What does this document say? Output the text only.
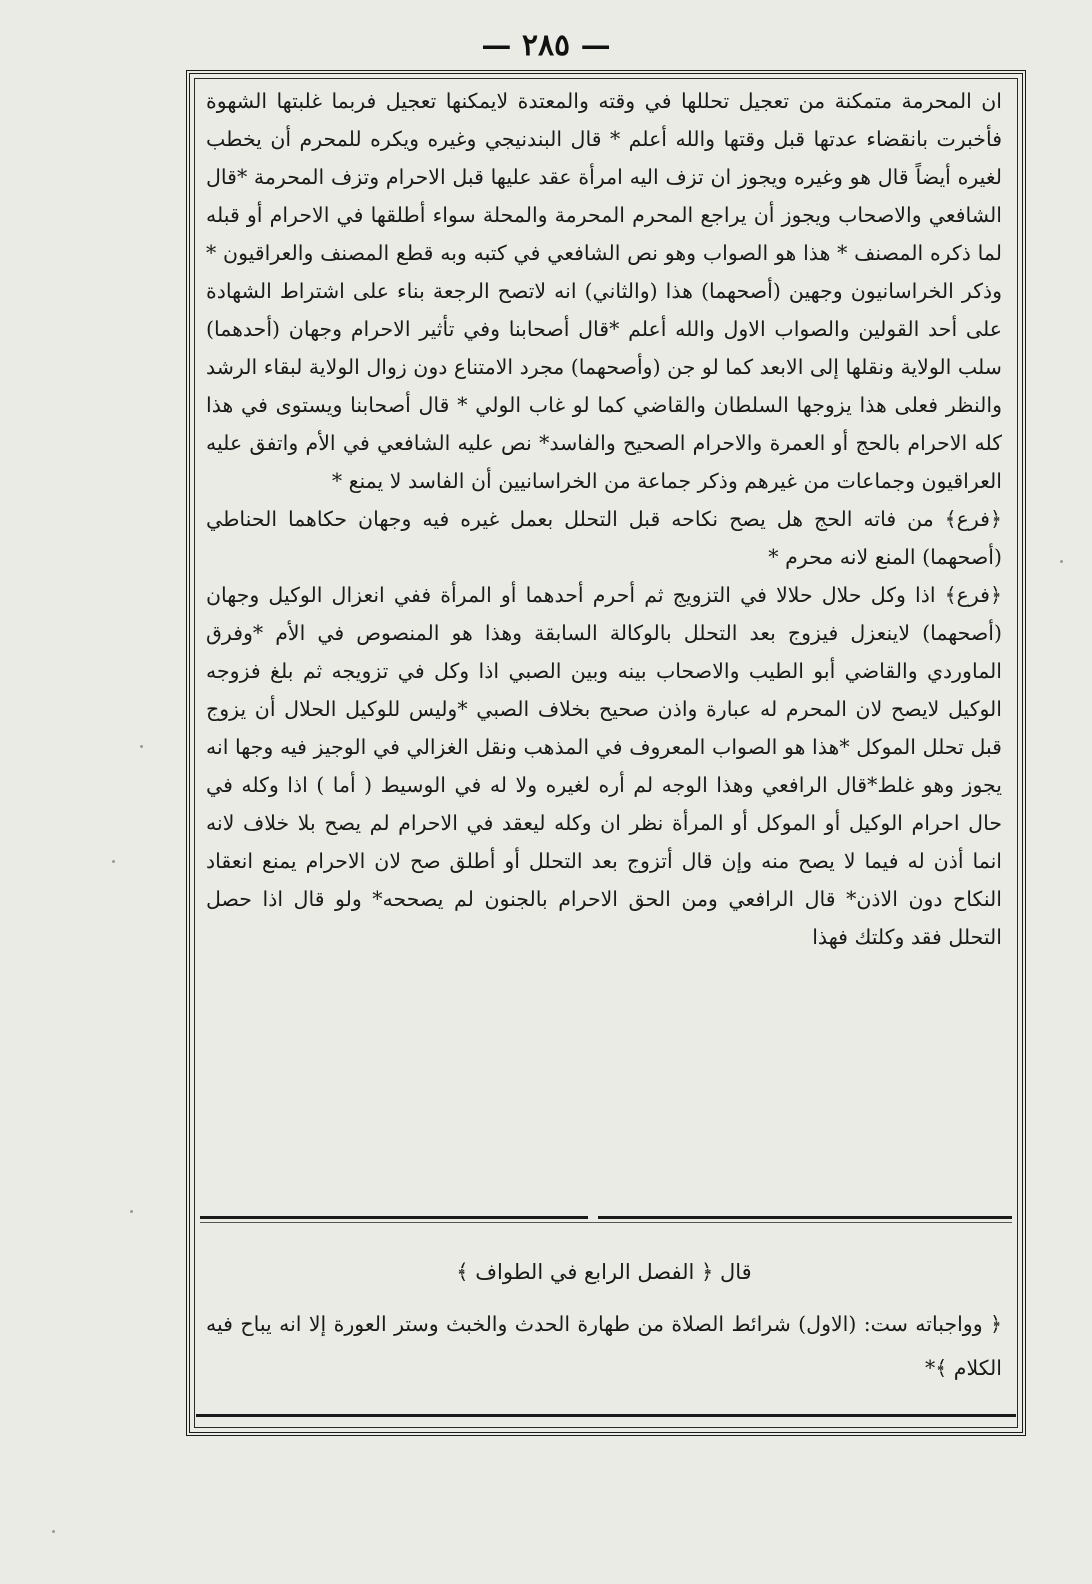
— ٢٨٥ —

ان المحرمة متمكنة من تعجيل تحللها في وقته والمعتدة لايمكنها تعجيل فربما غلبتها الشهوة فأخبرت بانقضاء عدتها قبل وقتها والله أعلم * قال البندنيجي وغيره ويكره للمحرم أن يخطب لغيره أيضاً قال هو وغيره ويجوز ان تزف اليه امرأة عقد عليها قبل الاحرام وتزف المحرمة *قال الشافعي والاصحاب ويجوز أن يراجع المحرم المحرمة والمحلة سواء أطلقها في الاحرام أو قبله لما ذكره المصنف * هذا هو الصواب وهو نص الشافعي في كتبه وبه قطع المصنف والعراقيون * وذكر الخراسانيون وجهين (أصحهما) هذا (والثاني) انه لاتصح الرجعة بناء على اشتراط الشهادة على أحد القولين والصواب الاول والله أعلم *قال أصحابنا وفي تأثير الاحرام وجهان (أحدهما) سلب الولاية ونقلها إلى الابعد كما لو جن (وأصحهما) مجرد الامتناع دون زوال الولاية لبقاء الرشد والنظر فعلى هذا يزوجها السلطان والقاضي كما لو غاب الولي * قال أصحابنا ويستوى في هذا كله الاحرام بالحج أو العمرة والاحرام الصحيح والفاسد* نص عليه الشافعي في الأم واتفق عليه العراقيون وجماعات من غيرهم وذكر جماعة من الخراسانيين أن الفاسد لا يمنع *

﴿فرع﴾ من فاته الحج هل يصح نكاحه قبل التحلل بعمل غيره فيه وجهان حكاهما الحناطي (أصحهما) المنع لانه محرم *

﴿فرع﴾ اذا وكل حلال حلالا في التزويج ثم أحرم أحدهما أو المرأة ففي انعزال الوكيل وجهان (أصحهما) لاينعزل فيزوج بعد التحلل بالوكالة السابقة وهذا هو المنصوص في الأم *وفرق الماوردي والقاضي أبو الطيب والاصحاب بينه وبين الصبي اذا وكل في تزويجه ثم بلغ فزوجه الوكيل لايصح لان المحرم له عبارة واذن صحيح بخلاف الصبي *وليس للوكيل الحلال أن يزوج قبل تحلل الموكل *هذا هو الصواب المعروف في المذهب ونقل الغزالي في الوجيز فيه وجها انه يجوز وهو غلط*قال الرافعي وهذا الوجه لم أره لغيره ولا له في الوسيط ( أما ) اذا وكله في حال احرام الوكيل أو الموكل أو المرأة نظر ان وكله ليعقد في الاحرام لم يصح بلا خلاف لانه انما أذن له فيما لا يصح منه وإن قال أتزوج بعد التحلل أو أطلق صح لان الاحرام يمنع انعقاد النكاح دون الاذن* قال الرافعي ومن الحق الاحرام بالجنون لم يصححه* ولو قال اذا حصل التحلل فقد وكلتك فهذا

قال ﴿ الفصل الرابع في الطواف ﴾

﴿ وواجباته ست: (الاول) شرائط الصلاة من طهارة الحدث والخبث وستر العورة إلا انه يباح فيه الكلام ﴾*
